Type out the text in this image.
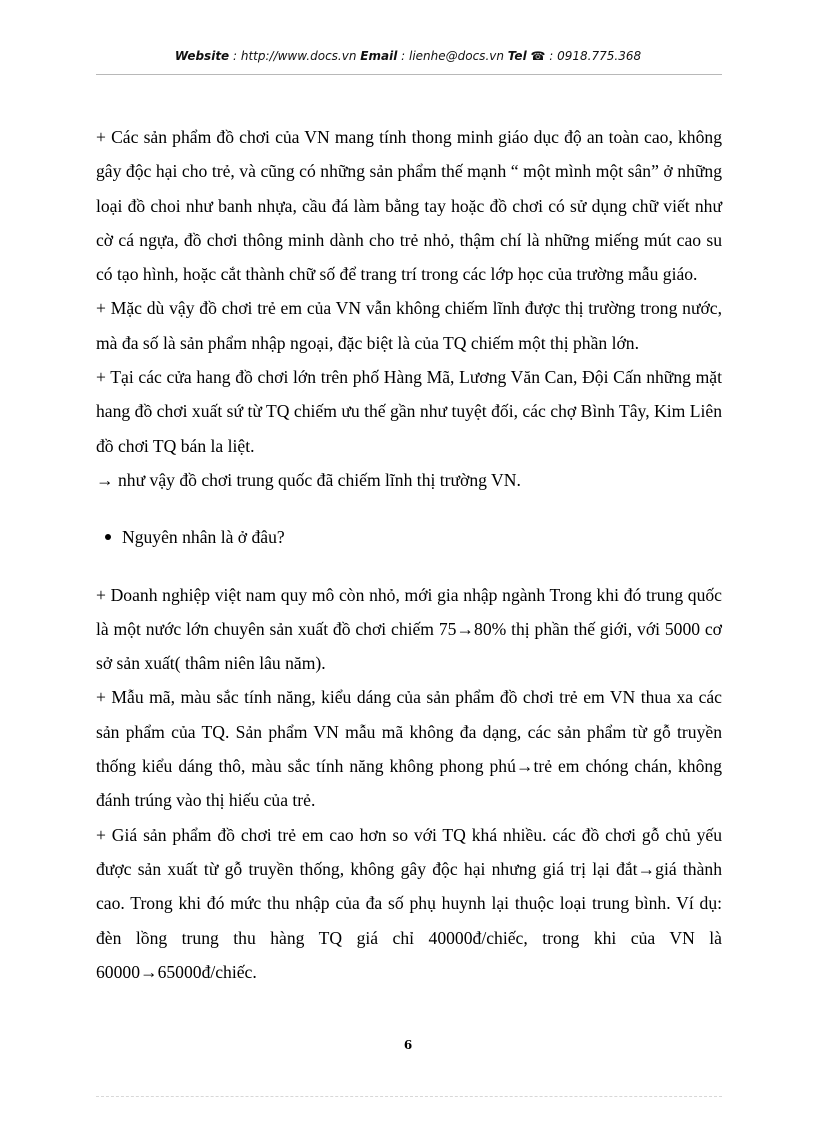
Website : http://www.docs.vn Email : lienhe@docs.vn Tel ☎ : 0918.775.368

+ Các sản phẩm đồ chơi của VN mang tính thong minh giáo dục độ an toàn cao, không gây độc hại cho trẻ, và cũng có những sản phẩm thế mạnh “ một mình một sân” ở những loại đồ choi như banh nhựa, cầu đá làm bằng tay hoặc đồ chơi có sử dụng chữ viết như cờ cá ngựa, đồ chơi thông minh dành cho trẻ nhỏ, thậm chí là những miếng mút cao su có tạo hình, hoặc cắt thành chữ số để trang trí trong các lớp học của trường mẫu giáo.

+ Mặc dù vậy đồ chơi trẻ em của VN vẫn không chiếm lĩnh được thị trường trong nước, mà đa số là sản phẩm nhập ngoại, đặc biệt là của TQ chiếm một thị phần lớn.

+ Tại các cửa hang đồ chơi lớn trên phố Hàng Mã, Lương Văn Can, Đội Cấn những mặt hang đồ chơi xuất sứ từ TQ chiếm ưu thế gần như tuyệt đối, các chợ Bình Tây, Kim Liên đồ chơi TQ bán la liệt.

→ như vậy đồ chơi trung quốc đã chiếm lĩnh thị trường VN.

Nguyên nhân là ở đâu?

+ Doanh nghiệp việt nam quy mô còn nhỏ, mới gia nhập ngành Trong khi đó trung quốc là một nước lớn chuyên sản xuất đồ chơi chiếm 75→80% thị phần thế giới, với 5000 cơ sở sản xuất( thâm niên lâu năm).

+ Mẫu mã, màu sắc tính năng, kiểu dáng của sản phẩm đồ chơi trẻ em VN thua xa các sản phẩm của TQ. Sản phẩm VN mẫu mã không đa dạng, các sản phẩm từ gỗ truyền thống kiểu dáng thô, màu sắc tính năng không phong phú→trẻ em chóng chán, không đánh trúng vào thị hiếu của trẻ.

+ Giá sản phẩm đồ chơi trẻ em cao hơn so với TQ khá nhiều. các đồ chơi gỗ chủ yếu được sản xuất từ gỗ truyền thống, không gây độc hại nhưng giá trị lại đắt→giá thành cao. Trong khi đó mức thu nhập của đa số phụ huynh lại thuộc loại trung bình. Ví dụ: đèn lồng trung thu hàng TQ giá chỉ 40000đ/chiếc, trong khi của VN là 60000→65000đ/chiếc.

6
